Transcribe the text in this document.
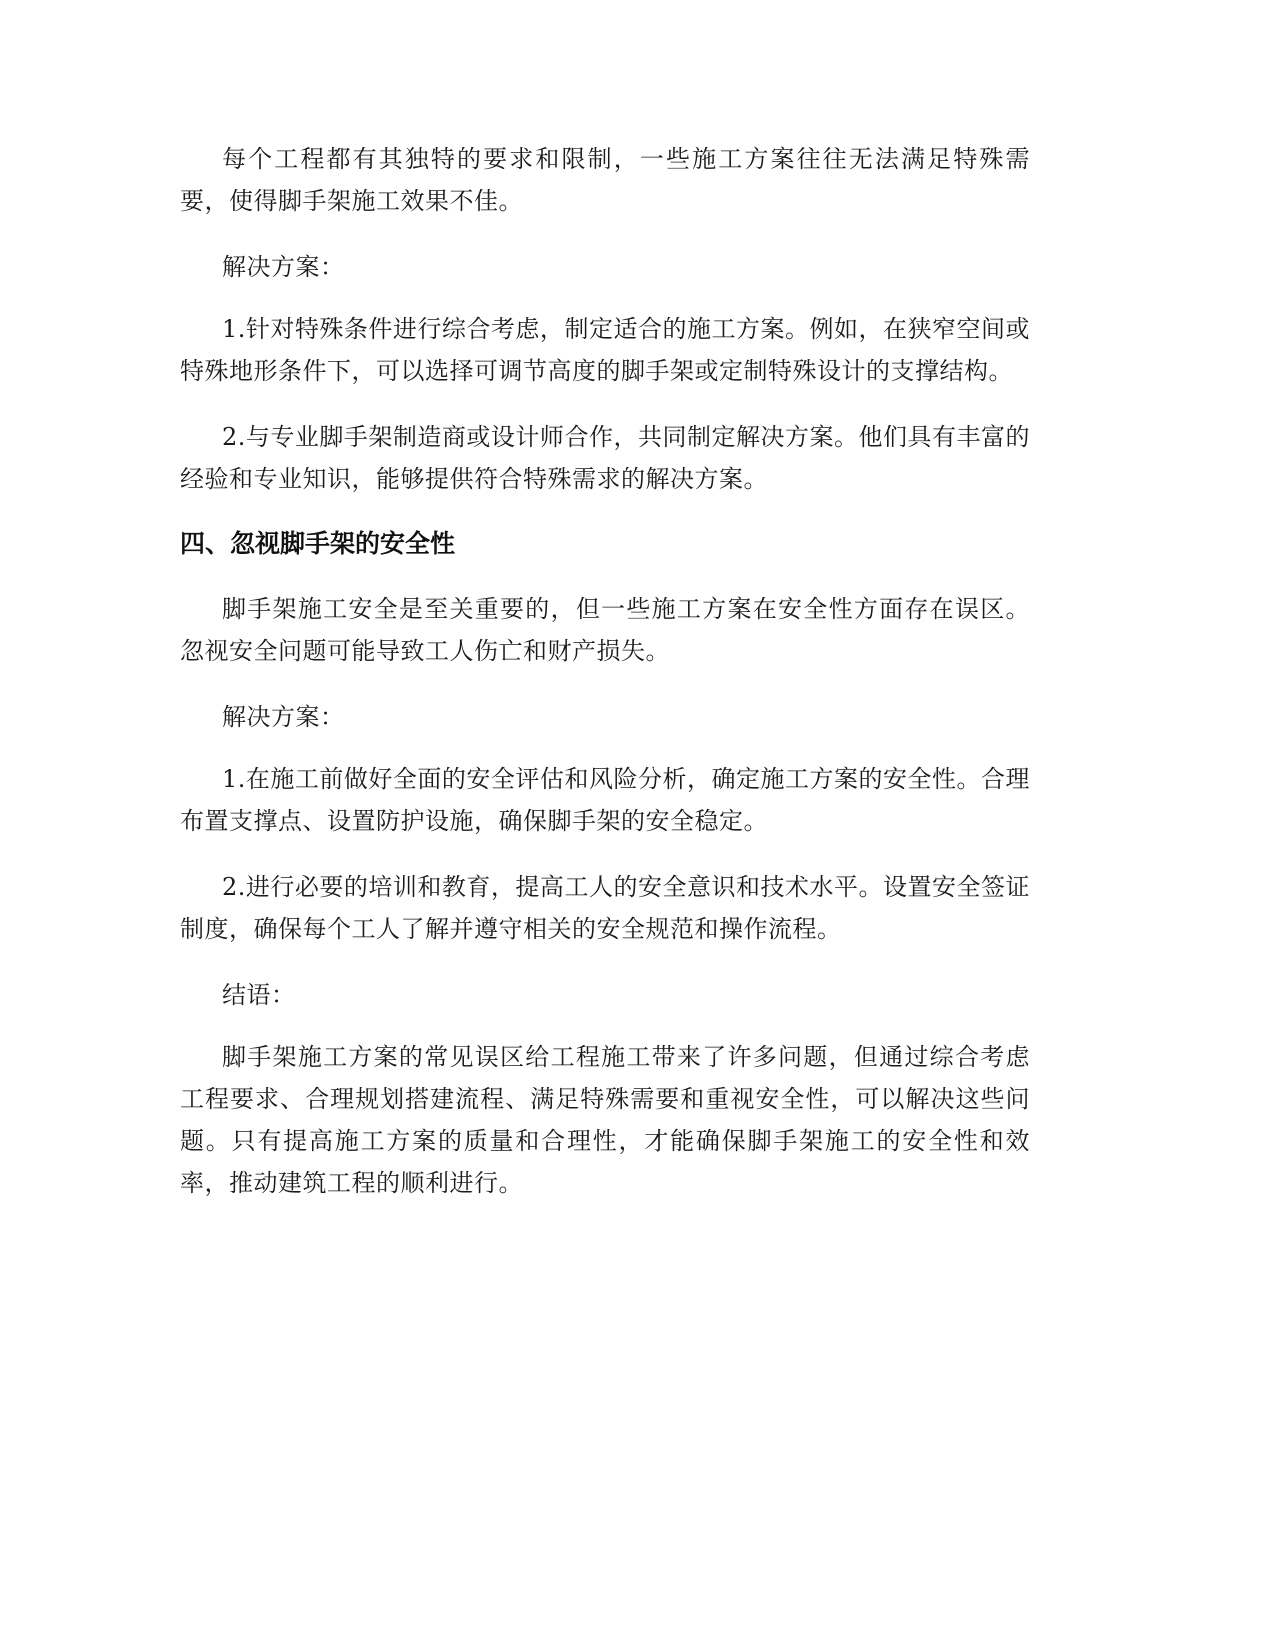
每个工程都有其独特的要求和限制，一些施工方案往往无法满足特殊需要，使得脚手架施工效果不佳。

解决方案：

1.针对特殊条件进行综合考虑，制定适合的施工方案。例如，在狭窄空间或特殊地形条件下，可以选择可调节高度的脚手架或定制特殊设计的支撑结构。

2.与专业脚手架制造商或设计师合作，共同制定解决方案。他们具有丰富的经验和专业知识，能够提供符合特殊需求的解决方案。

四、忽视脚手架的安全性

脚手架施工安全是至关重要的，但一些施工方案在安全性方面存在误区。忽视安全问题可能导致工人伤亡和财产损失。

解决方案：

1.在施工前做好全面的安全评估和风险分析，确定施工方案的安全性。合理布置支撑点、设置防护设施，确保脚手架的安全稳定。

2.进行必要的培训和教育，提高工人的安全意识和技术水平。设置安全签证制度，确保每个工人了解并遵守相关的安全规范和操作流程。

结语：

脚手架施工方案的常见误区给工程施工带来了许多问题，但通过综合考虑工程要求、合理规划搭建流程、满足特殊需要和重视安全性，可以解决这些问题。只有提高施工方案的质量和合理性，才能确保脚手架施工的安全性和效率，推动建筑工程的顺利进行。
